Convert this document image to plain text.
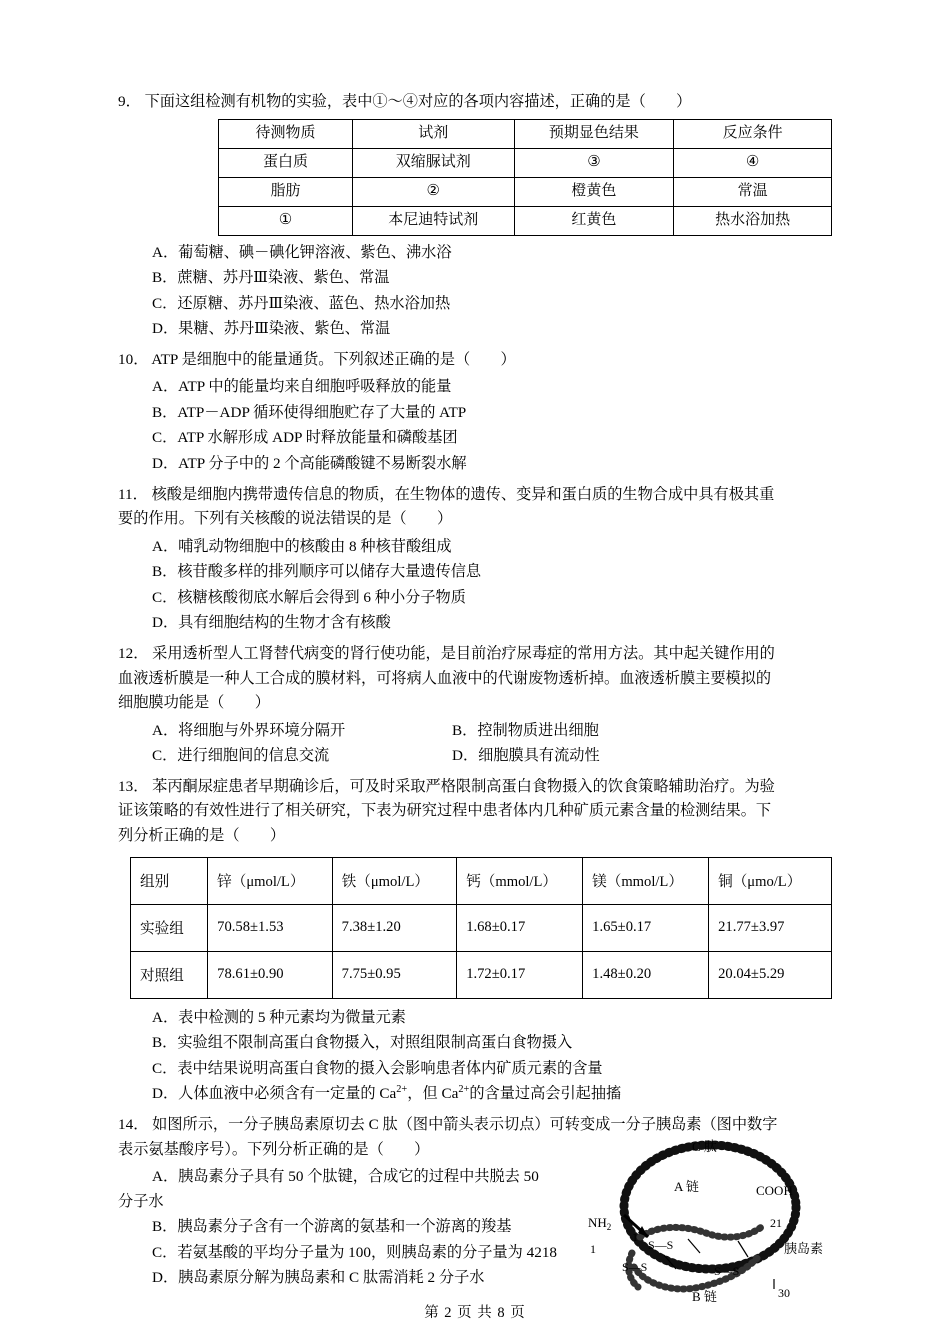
9． 下面这组检测有机物的实验，表中①～④对应的各项内容描述，正确的是（　　）
待测物质	试剂	预期显色结果	反应条件
蛋白质	双缩脲试剂	③	④
脂肪	②	橙黄色	常温
①	本尼迪特试剂	红黄色	热水浴加热
A．葡萄糖、碘－碘化钾溶液、紫色、沸水浴
B．蔗糖、苏丹Ⅲ染液、紫色、常温
C．还原糖、苏丹Ⅲ染液、蓝色、热水浴加热
D．果糖、苏丹Ⅲ染液、紫色、常温
10． ATP 是细胞中的能量通货。下列叙述正确的是（　　）
A．ATP 中的能量均来自细胞呼吸释放的能量
B．ATP－ADP 循环使得细胞贮存了大量的 ATP
C．ATP 水解形成 ADP 时释放能量和磷酸基团
D．ATP 分子中的 2 个高能磷酸键不易断裂水解
11． 核酸是细胞内携带遗传信息的物质，在生物体的遗传、变异和蛋白质的生物合成中具有极其重
要的作用。下列有关核酸的说法错误的是（　　）
A．哺乳动物细胞中的核酸由 8 种核苷酸组成
B．核苷酸多样的排列顺序可以储存大量遗传信息
C．核糖核酸彻底水解后会得到 6 种小分子物质
D．具有细胞结构的生物才含有核酸
12． 采用透析型人工肾替代病变的肾行使功能，是目前治疗尿毒症的常用方法。其中起关键作用的
血液透析膜是一种人工合成的膜材料，可将病人血液中的代谢废物透析掉。血液透析膜主要模拟的
细胞膜功能是（　　）
A．将细胞与外界环境分隔开	B．控制物质进出细胞
C．进行细胞间的信息交流	D．细胞膜具有流动性
13． 苯丙酮尿症患者早期确诊后，可及时采取严格限制高蛋白食物摄入的饮食策略辅助治疗。为验
证该策略的有效性进行了相关研究，下表为研究过程中患者体内几种矿质元素含量的检测结果。下
列分析正确的是（　　）
组别	锌（μmol/L）	铁（μmol/L）	钙（mmol/L）	镁（mmol/L）	铜（μmo/L）
实验组	70.58±1.53	7.38±1.20	1.68±0.17	1.65±0.17	21.77±3.97
对照组	78.61±0.90	7.75±0.95	1.72±0.17	1.48±0.20	20.04±5.29
A．表中检测的 5 种元素均为微量元素
B．实验组不限制高蛋白食物摄入，对照组限制高蛋白食物摄入
C．表中结果说明高蛋白食物的摄入会影响患者体内矿质元素的含量
D．人体血液中必须含有一定量的 $Ca^{2+}$，但 $Ca^{2+}$的含量过高会引起抽搐
14． 如图所示，一分子胰岛素原切去 C 肽（图中箭头表示切点）可转变成一分子胰岛素（图中数字
表示氨基酸序号）。下列分析正确的是（　　）
A．胰岛素分子具有 50 个肽键，合成它的过程中共脱去 50
分子水
B．胰岛素分子含有一个游离的氨基和一个游离的羧基
C．若氨基酸的平均分子量为 100，则胰岛素的分子量为 4218
D．胰岛素原分解为胰岛素和 C 肽需消耗 2 分子水
C 肽
A 链
B 链
$NH_2$
COOH
胰岛素
S—S
S—S	S—S
1
1
21
30
第 2 页 共 8 页
